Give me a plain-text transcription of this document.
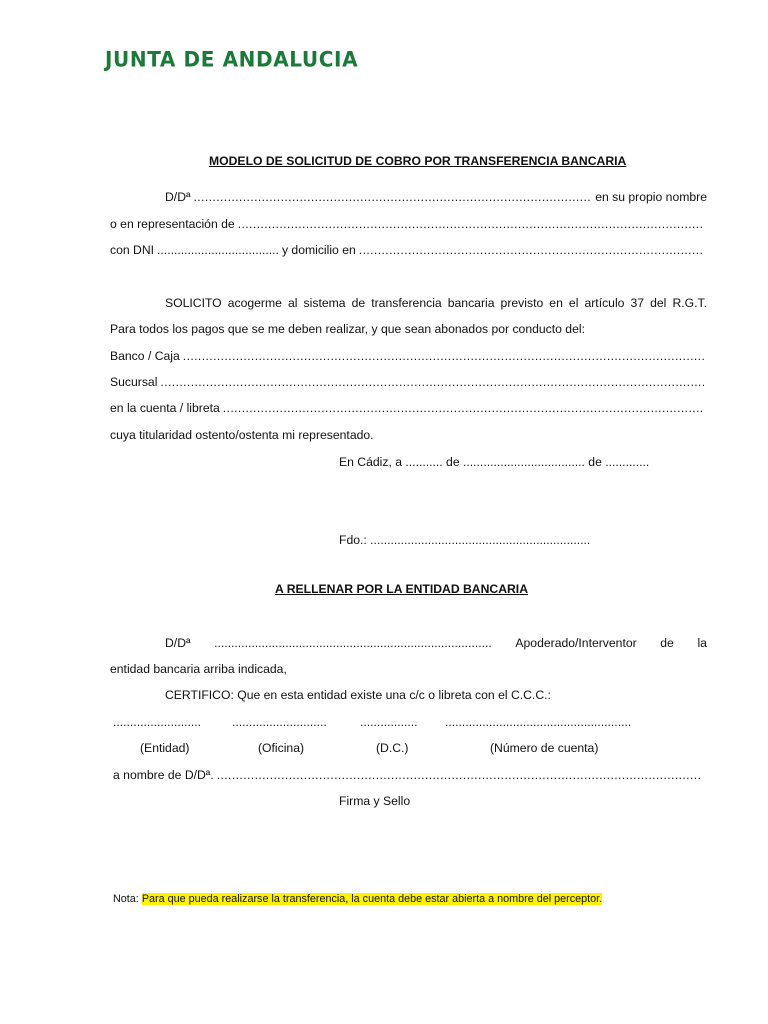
JUNTA DE ANDALUCIA
MODELO DE SOLICITUD DE COBRO POR TRANSFERENCIA BANCARIA
D/Dª
.....	en su propio nombre
o en representación de
.....
con DNI .................................... y domicilio en
.....
SOLICITO acogerme al sistema de transferencia bancaria previsto en el artículo 37 del R.G.T.
Para todos los pagos que se me deben realizar, y que sean abonados por conducto del:
Banco / Caja
.....
Sucursal
.....
en la cuenta / libreta
.....
cuya titularidad ostento/ostenta mi representado.
En Cádiz, a ........... de .................................... de .............
Fdo.: .................................................................
A RELLENAR POR LA ENTIDAD BANCARIA
D/Dª .................................................................................. Apoderado/Interventor de la
entidad bancaria arriba indicada,
CERTIFICO: Que en esta entidad existe una c/c o libreta con el C.C.C.:
..........................	............................	................. .......................................................
(Entidad)	(Oficina)	(D.C.)	(Número de cuenta)
a nombre de D/Dª.
.....
Firma y Sello
Nota: Para que pueda realizarse la transferencia, la cuenta debe estar abierta a nombre del perceptor.
